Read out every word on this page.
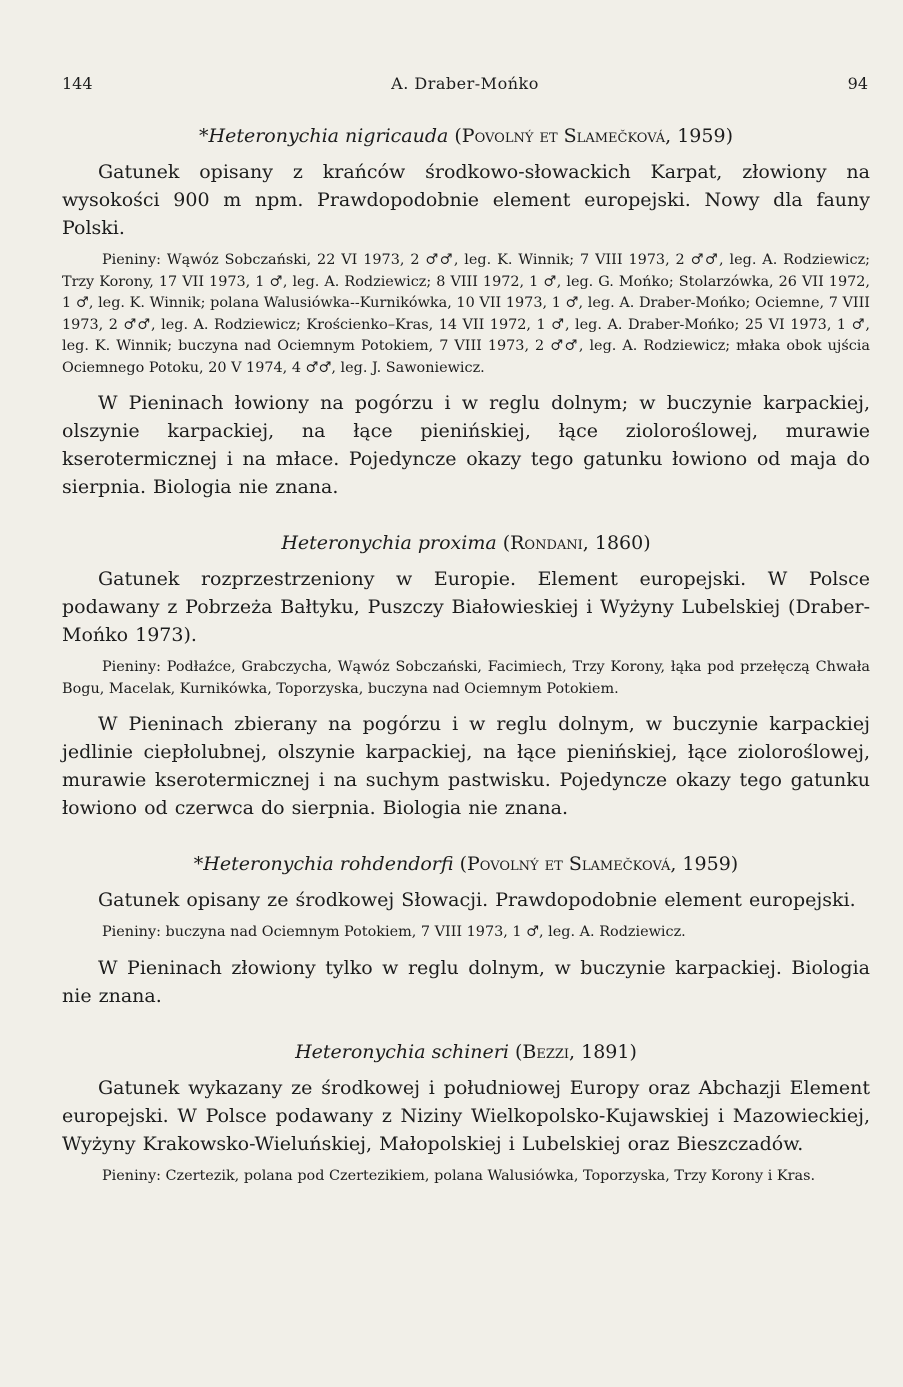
144	A. Draber-Mońko	94
*Heteronychia nigricauda (Povolný et Slamečková, 1959)

Gatunek opisany z krańców środkowo-słowackich Karpat, złowiony na wysokości 900 m npm. Prawdopodobnie element europejski. Nowy dla fauny Polski.

Pieniny: Wąwóz Sobczański, 22 VI 1973, 2 ♂♂, leg. K. Winnik; 7 VIII 1973, 2 ♂♂, leg. A. Rodziewicz; Trzy Korony, 17 VII 1973, 1 ♂, leg. A. Rodziewicz; 8 VIII 1972, 1 ♂, leg. G. Mońko; Stolarzówka, 26 VII 1972, 1 ♂, leg. K. Winnik; polana Walusiówka--Kurnikówka, 10 VII 1973, 1 ♂, leg. A. Draber-Mońko; Ociemne, 7 VIII 1973, 2 ♂♂, leg. A. Rodziewicz; Krościenko–Kras, 14 VII 1972, 1 ♂, leg. A. Draber-Mońko; 25 VI 1973, 1 ♂, leg. K. Winnik; buczyna nad Ociemnym Potokiem, 7 VIII 1973, 2 ♂♂, leg. A. Rodziewicz; młaka obok ujścia Ociemnego Potoku, 20 V 1974, 4 ♂♂, leg. J. Sawoniewicz.

W Pieninach łowiony na pogórzu i w reglu dolnym; w buczynie karpackiej, olszynie karpackiej, na łące pienińskiej, łące zioloroślowej, murawie kserotermicznej i na młace. Pojedyncze okazy tego gatunku łowiono od maja do sierpnia. Biologia nie znana.

Heteronychia proxima (Rondani, 1860)

Gatunek rozprzestrzeniony w Europie. Element europejski. W Polsce podawany z Pobrzeża Bałtyku, Puszczy Białowieskiej i Wyżyny Lubelskiej (Draber-Mońko 1973).

Pieniny: Podłaźce, Grabczycha, Wąwóz Sobczański, Facimiech, Trzy Korony, łąka pod przełęczą Chwała Bogu, Macelak, Kurnikówka, Toporzyska, buczyna nad Ociemnym Potokiem.

W Pieninach zbierany na pogórzu i w reglu dolnym, w buczynie karpackiej jedlinie ciepłolubnej, olszynie karpackiej, na łące pienińskiej, łące zioloroślowej, murawie kserotermicznej i na suchym pastwisku. Pojedyncze okazy tego gatunku łowiono od czerwca do sierpnia. Biologia nie znana.

*Heteronychia rohdendorfi (Povolný et Slamečková, 1959)

Gatunek opisany ze środkowej Słowacji. Prawdopodobnie element europejski.

Pieniny: buczyna nad Ociemnym Potokiem, 7 VIII 1973, 1 ♂, leg. A. Rodziewicz.

W Pieninach złowiony tylko w reglu dolnym, w buczynie karpackiej. Biologia nie znana.

Heteronychia schineri (Bezzi, 1891)

Gatunek wykazany ze środkowej i południowej Europy oraz Abchazji Element europejski. W Polsce podawany z Niziny Wielkopolsko-Kujawskiej i Mazowieckiej, Wyżyny Krakowsko-Wieluńskiej, Małopolskiej i Lubelskiej oraz Bieszczadów.

Pieniny: Czertezik, polana pod Czertezikiem, polana Walusiówka, Toporzyska, Trzy Korony i Kras.
